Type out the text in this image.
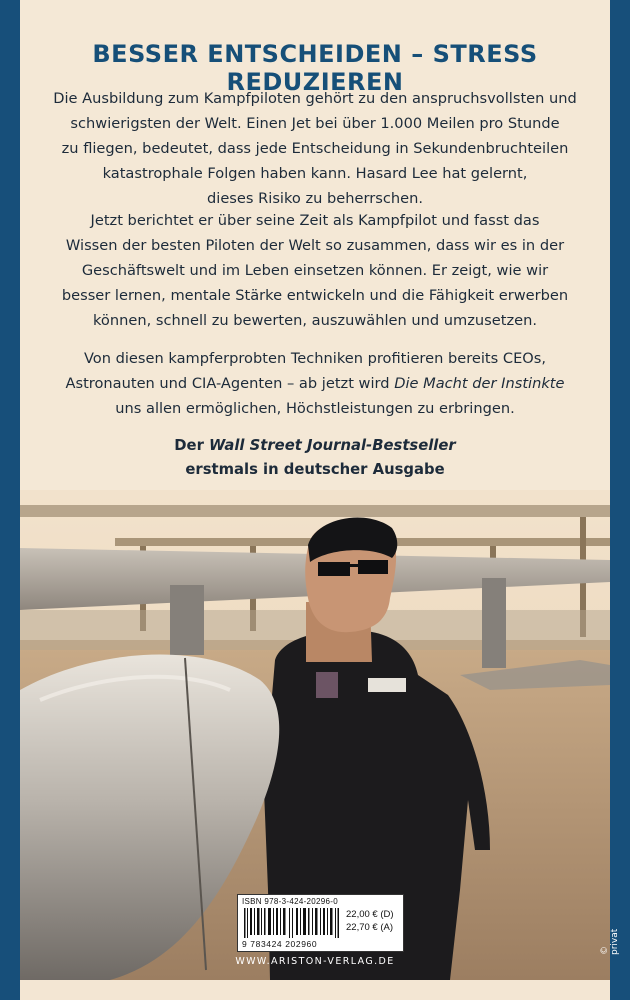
BESSER ENTSCHEIDEN – STRESS REDUZIEREN
Die Ausbildung zum Kampfpiloten gehört zu den anspruchsvollsten und
schwierigsten der Welt. Einen Jet bei über 1.000 Meilen pro Stunde
zu fliegen, bedeutet, dass jede Entscheidung in Sekundenbruchteilen
katastrophale Folgen haben kann. Hasard Lee hat gelernt,
dieses Risiko zu beherrschen.
Jetzt berichtet er über seine Zeit als Kampfpilot und fasst das
Wissen der besten Piloten der Welt so zusammen, dass wir es in der
Geschäftswelt und im Leben einsetzen können. Er zeigt, wie wir
besser lernen, mentale Stärke entwickeln und die Fähigkeit erwerben
können, schnell zu bewerten, auszuwählen und umzusetzen.
Von diesen kampferprobten Techniken profitieren bereits CEOs,
Astronauten und CIA-Agenten – ab jetzt wird Die Macht der Instinkte
uns allen ermöglichen, Höchstleistungen zu erbringen.
Der Wall Street Journal-Bestseller
erstmals in deutscher Ausgabe
ISBN 978-3-424-20296-0
9 783424 202960
22,00 € (D)
22,70 € (A)
WWW.ARISTON-VERLAG.DE
© privat
